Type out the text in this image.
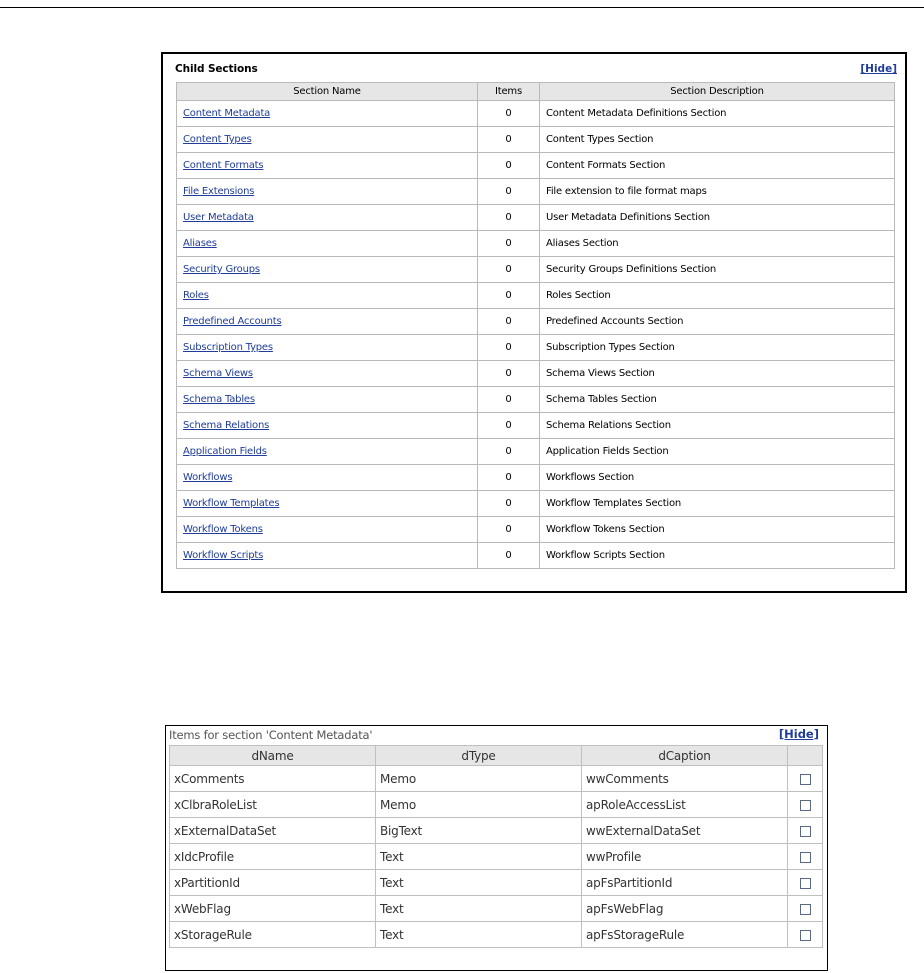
Child Sections	[Hide]
Section Name	Items	Section Description
Content Metadata	0	Content Metadata Definitions Section
Content Types	0	Content Types Section
Content Formats	0	Content Formats Section
File Extensions	0	File extension to file format maps
User Metadata	0	User Metadata Definitions Section
Aliases	0	Aliases Section
Security Groups	0	Security Groups Definitions Section
Roles	0	Roles Section
Predefined Accounts	0	Predefined Accounts Section
Subscription Types	0	Subscription Types Section
Schema Views	0	Schema Views Section
Schema Tables	0	Schema Tables Section
Schema Relations	0	Schema Relations Section
Application Fields	0	Application Fields Section
Workflows	0	Workflows Section
Workflow Templates	0	Workflow Templates Section
Workflow Tokens	0	Workflow Tokens Section
Workflow Scripts	0	Workflow Scripts Section
Items for section 'Content Metadata'	[Hide]
dName	dType	dCaption	
xComments	Memo	wwComments	
xClbraRoleList	Memo	apRoleAccessList	
xExternalDataSet	BigText	wwExternalDataSet	
xIdcProfile	Text	wwProfile	
xPartitionId	Text	apFsPartitionId	
xWebFlag	Text	apFsWebFlag	
xStorageRule	Text	apFsStorageRule	
